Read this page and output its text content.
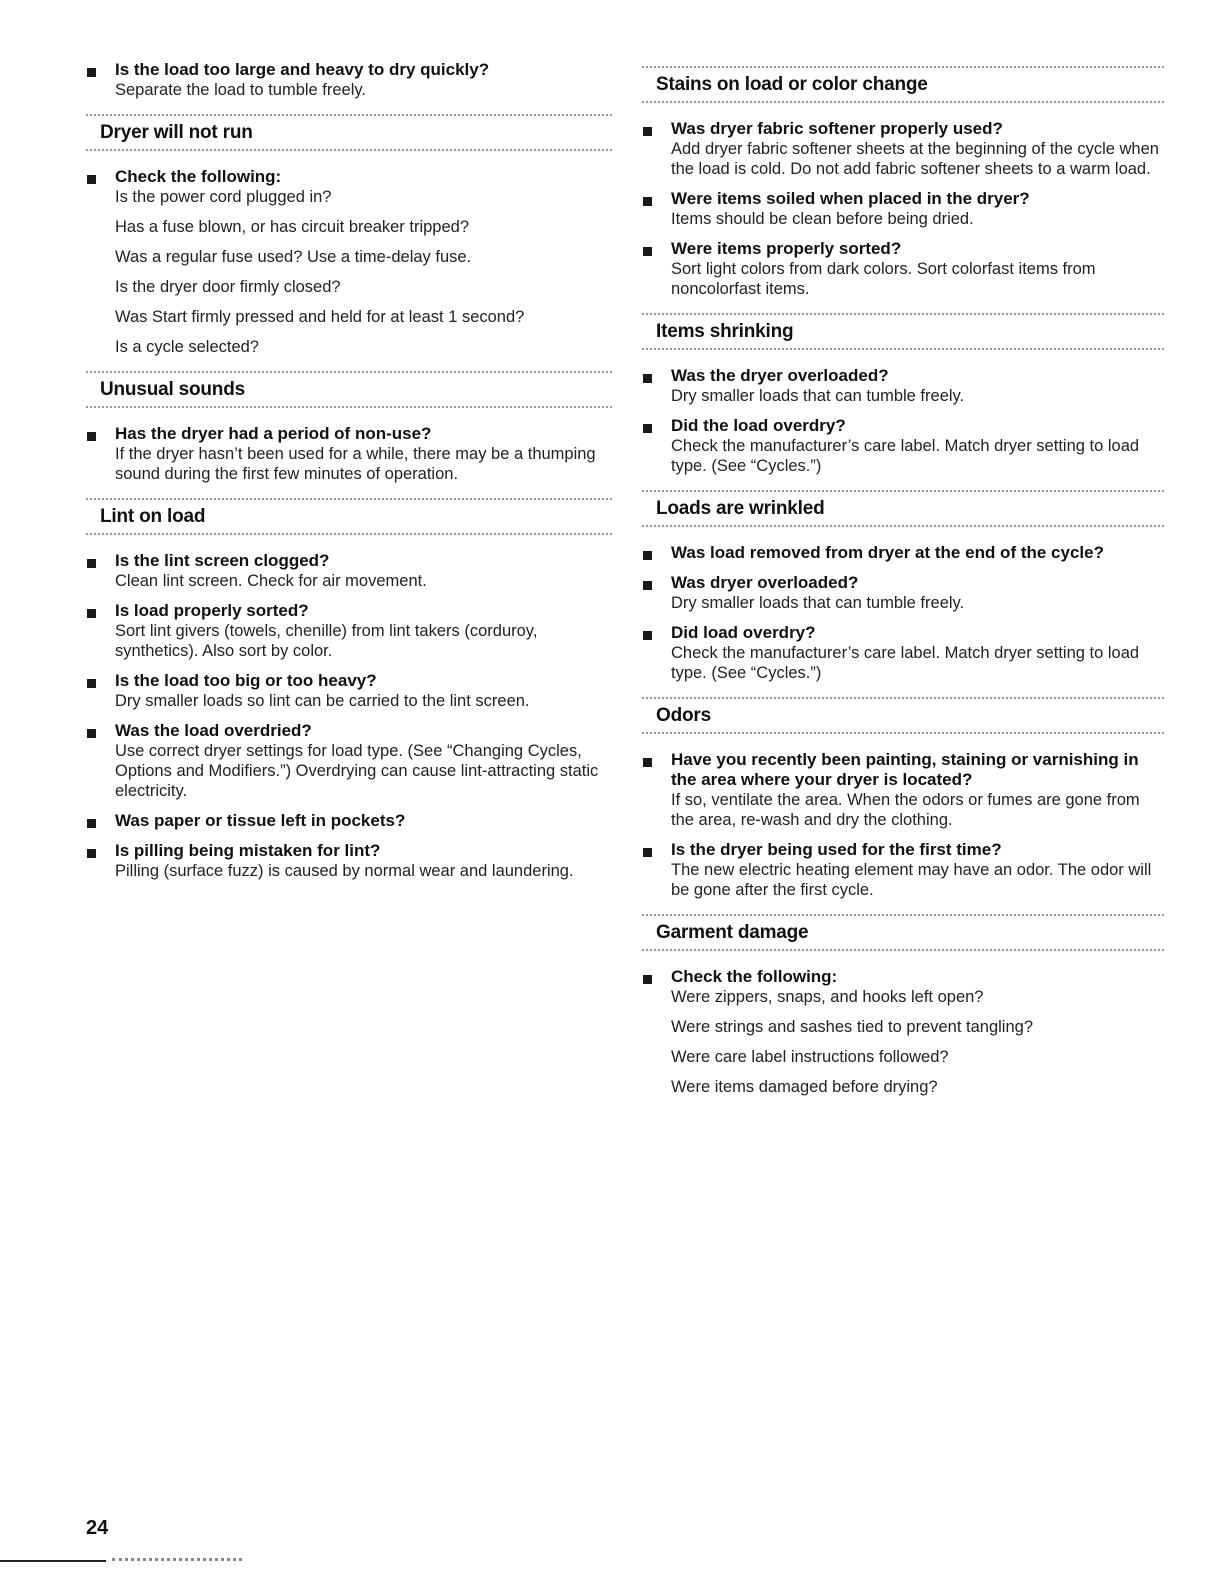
Is the load too large and heavy to dry quickly?
Separate the load to tumble freely.
Dryer will not run
Check the following:
Is the power cord plugged in?
Has a fuse blown, or has circuit breaker tripped?
Was a regular fuse used? Use a time-delay fuse.
Is the dryer door firmly closed?
Was Start firmly pressed and held for at least 1 second?
Is a cycle selected?
Unusual sounds
Has the dryer had a period of non-use?
If the dryer hasn’t been used for a while, there may be a thumping sound during the first few minutes of operation.
Lint on load
Is the lint screen clogged?
Clean lint screen. Check for air movement.
Is load properly sorted?
Sort lint givers (towels, chenille) from lint takers (corduroy, synthetics). Also sort by color.
Is the load too big or too heavy?
Dry smaller loads so lint can be carried to the lint screen.
Was the load overdried?
Use correct dryer settings for load type. (See “Changing Cycles, Options and Modifiers.”) Overdrying can cause lint-attracting static electricity.
Was paper or tissue left in pockets?
Is pilling being mistaken for lint?
Pilling (surface fuzz) is caused by normal wear and laundering.
Stains on load or color change
Was dryer fabric softener properly used?
Add dryer fabric softener sheets at the beginning of the cycle when the load is cold. Do not add fabric softener sheets to a warm load.
Were items soiled when placed in the dryer?
Items should be clean before being dried.
Were items properly sorted?
Sort light colors from dark colors. Sort colorfast items from noncolorfast items.
Items shrinking
Was the dryer overloaded?
Dry smaller loads that can tumble freely.
Did the load overdry?
Check the manufacturer’s care label. Match dryer setting to load type. (See “Cycles.”)
Loads are wrinkled
Was load removed from dryer at the end of the cycle?
Was dryer overloaded?
Dry smaller loads that can tumble freely.
Did load overdry?
Check the manufacturer’s care label. Match dryer setting to load type. (See “Cycles.”)
Odors
Have you recently been painting, staining or varnishing in the area where your dryer is located?
If so, ventilate the area. When the odors or fumes are gone from the area, re-wash and dry the clothing.
Is the dryer being used for the first time?
The new electric heating element may have an odor. The odor will be gone after the first cycle.
Garment damage
Check the following:
Were zippers, snaps, and hooks left open?
Were strings and sashes tied to prevent tangling?
Were care label instructions followed?
Were items damaged before drying?
24
